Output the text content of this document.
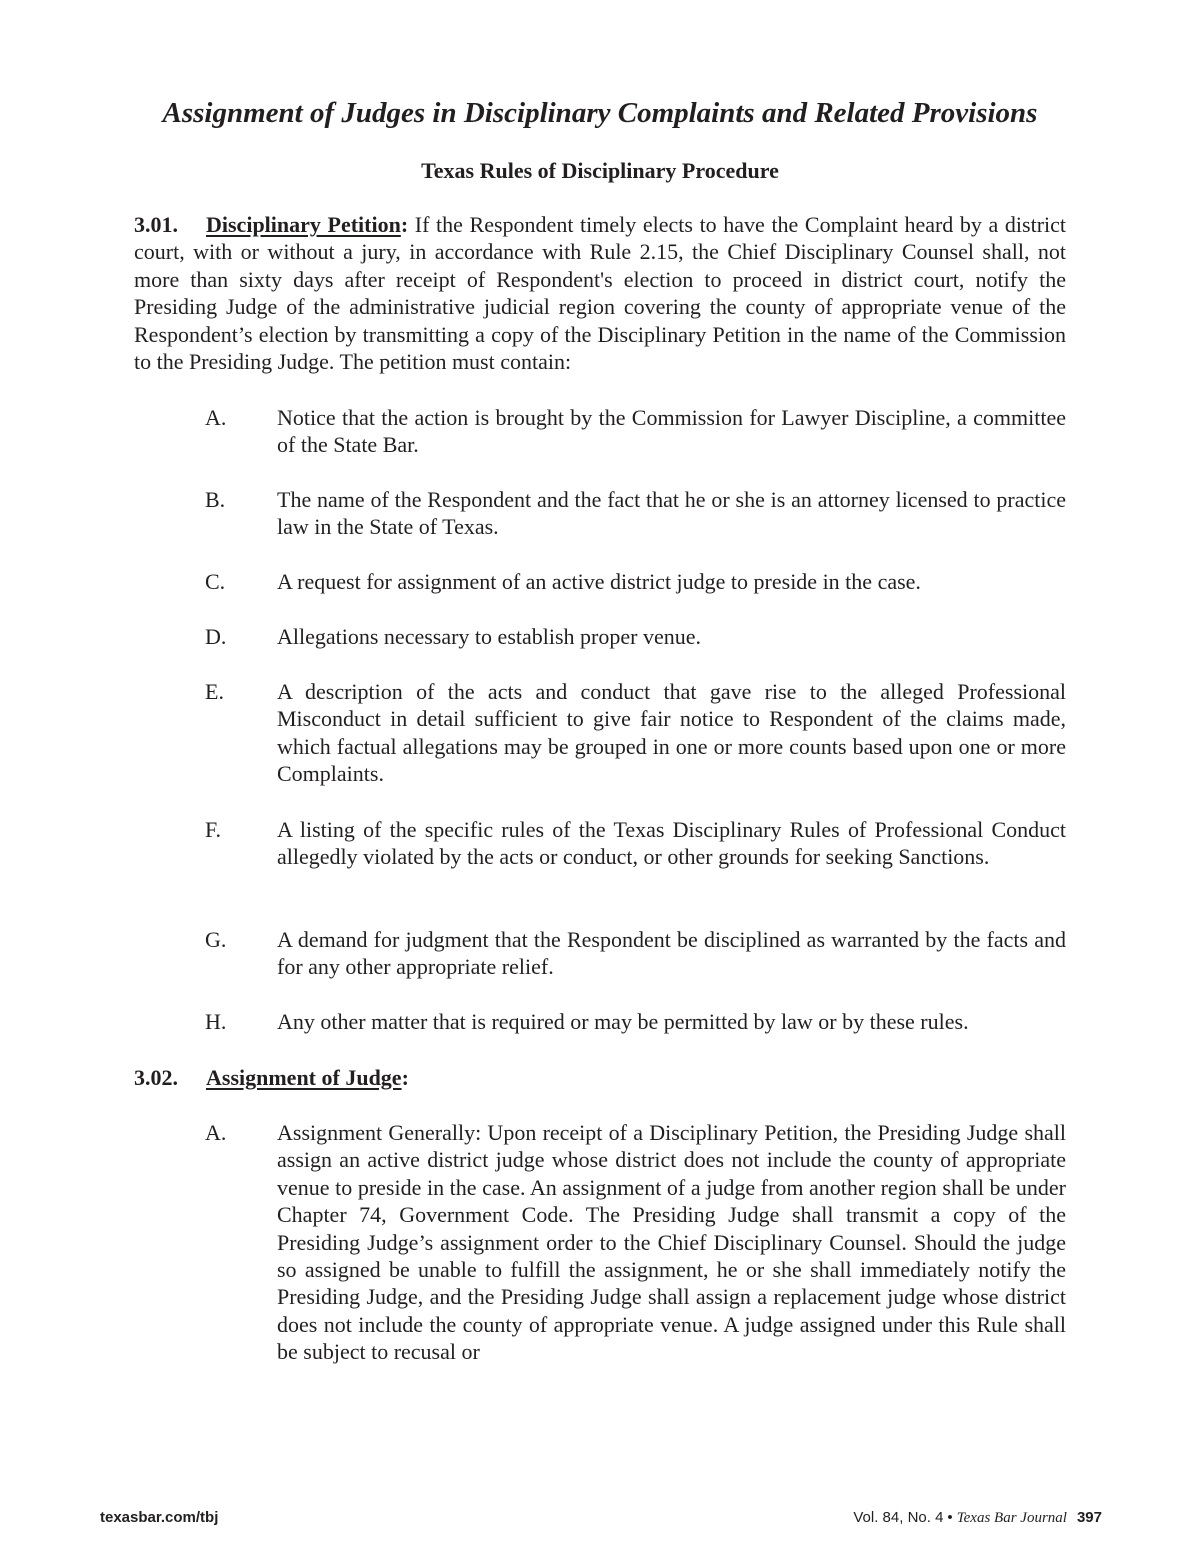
Assignment of Judges in Disciplinary Complaints and Related Provisions
Texas Rules of Disciplinary Procedure
3.01. Disciplinary Petition: If the Respondent timely elects to have the Complaint heard by a district court, with or without a jury, in accordance with Rule 2.15, the Chief Disciplinary Counsel shall, not more than sixty days after receipt of Respondent's election to proceed in district court, notify the Presiding Judge of the administrative judicial region covering the county of appropriate venue of the Respondent’s election by transmitting a copy of the Disciplinary Petition in the name of the Commission to the Presiding Judge. The petition must contain:
A.	Notice that the action is brought by the Commission for Lawyer Discipline, a committee of the State Bar.
B.	The name of the Respondent and the fact that he or she is an attorney licensed to practice law in the State of Texas.
C.	A request for assignment of an active district judge to preside in the case.
D.	Allegations necessary to establish proper venue.
E.	A description of the acts and conduct that gave rise to the alleged Professional Misconduct in detail sufficient to give fair notice to Respondent of the claims made, which factual allegations may be grouped in one or more counts based upon one or more Complaints.
F.	A listing of the specific rules of the Texas Disciplinary Rules of Professional Conduct allegedly violated by the acts or conduct, or other grounds for seeking Sanctions.
G.	A demand for judgment that the Respondent be disciplined as warranted by the facts and for any other appropriate relief.
H.	Any other matter that is required or may be permitted by law or by these rules.
3.02. Assignment of Judge:
A.	Assignment Generally: Upon receipt of a Disciplinary Petition, the Presiding Judge shall assign an active district judge whose district does not include the county of appropriate venue to preside in the case. An assignment of a judge from another region shall be under Chapter 74, Government Code. The Presiding Judge shall transmit a copy of the Presiding Judge’s assignment order to the Chief Disciplinary Counsel. Should the judge so assigned be unable to fulfill the assignment, he or she shall immediately notify the Presiding Judge, and the Presiding Judge shall assign a replacement judge whose district does not include the county of appropriate venue. A judge assigned under this Rule shall be subject to recusal or
texasbar.com/tbj	Vol. 84, No. 4 • Texas Bar Journal 397
